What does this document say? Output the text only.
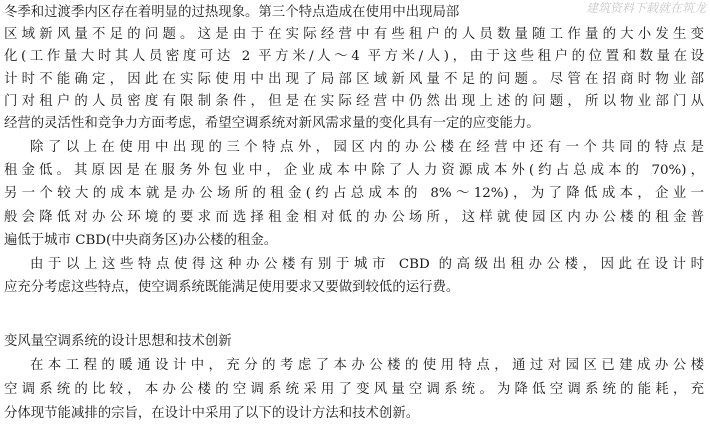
建筑资料下载就在筑龙
冬季和过渡季内区存在着明显的过热现象。第三个特点造成在使用中出现局部
区域新风量不足的问题。这是由于在实际经营中有些租户的人员数量随工作量的大小发生变
化(工作量大时其人员密度可达 2 平方米/人～4 平方米/人)，由于这些租户的位置和数量在设
计时不能确定，因此在实际使用中出现了局部区域新风量不足的问题。尽管在招商时物业部
门对租户的人员密度有限制条件，但是在实际经营中仍然出现上述的问题，所以物业部门从
经营的灵活性和竞争力方面考虑，希望空调系统对新风需求量的变化具有一定的应变能力。
除了以上在使用中出现的三个特点外，园区内的办公楼在经营中还有一个共同的特点是
租金低。其原因是在服务外包业中，企业成本中除了人力资源成本外(约占总成本的 70%)，
另一个较大的成本就是办公场所的租金(约占总成本的 8%～12%)，为了降低成本，企业一
般会降低对办公环境的要求而选择租金相对低的办公场所，这样就使园区内办公楼的租金普
遍低于城市 CBD(中央商务区)办公楼的租金。
由于以上这些特点使得这种办公楼有别于城市 CBD 的高级出租办公楼，因此在设计时
应充分考虑这些特点，使空调系统既能满足使用要求又要做到较低的运行费。
变风量空调系统的设计思想和技术创新
在本工程的暖通设计中，充分的考虑了本办公楼的使用特点，通过对园区已建成办公楼
空调系统的比较，本办公楼的空调系统采用了变风量空调系统。为降低空调系统的能耗，充
分体现节能减排的宗旨，在设计中采用了以下的设计方法和技术创新。
